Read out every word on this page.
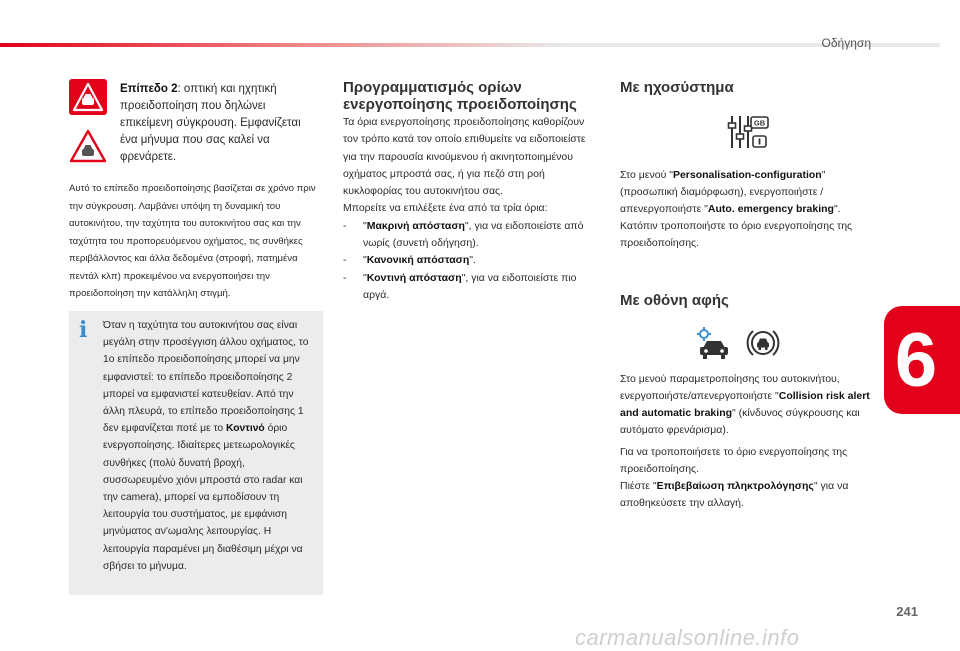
Οδήγηση
Επίπεδο 2: οπτική και ηχητική προειδοποίηση που δηλώνει επικείμενη σύγκρουση. Εμφανίζεται ένα μήνυμα που σας καλεί να φρενάρετε.
Αυτό το επίπεδο προειδοποίησης βασίζεται σε χρόνο πριν την σύγκρουση. Λαμβάνει υπόψη τη δυναμική του αυτοκινήτου, την ταχύτητα του αυτοκινήτου σας και την ταχύτητα του προπορευόμενου οχήματος, τις συνθήκες περιβάλλοντος και άλλα δεδομένα (στροφή, πατημένα πεντάλ κλπ) προκειμένου να ενεργοποιήσει την προειδοποίηση την κατάλληλη στιγμή.
i Όταν η ταχύτητα του αυτοκινήτου σας είναι μεγάλη στην προσέγγιση άλλου οχήματος, το 1ο επίπεδο προειδοποίησης μπορεί να μην εμφανιστεί: το επίπεδο προειδοποίησης 2 μπορεί να εμφανιστεί κατευθείαν. Από την άλλη πλευρά, το επίπεδο προειδοποίησης 1 δεν εμφανίζεται ποτέ με το Κοντινό όριο ενεργοποίησης. Ιδιαίτερες μετεωρολογικές συνθήκες (πολύ δυνατή βροχή, συσσωρευμένο χιόνι μπροστά στο radar και την camera), μπορεί να εμποδίσουν τη λειτουργία του συστήματος, με εμφάνιση μηνύματος αν'ωμαλης λειτουργίας. Η λειτουργία παραμένει μη διαθέσιμη μέχρι να σβήσει το μήνυμα.
Προγραμματισμός ορίων
ενεργοποίησης προειδοποίησης
Τα όρια ενεργοποίησης προειδοποίησης καθορίζουν τον τρόπο κατά τον οποίο επιθυμείτε να ειδοποιείστε για την παρουσία κινούμενου ή ακινητοποιημένου οχήματος μπροστά σας, ή για πεζό στη ροή κυκλοφορίας του αυτοκινήτου σας.
Μπορείτε να επιλέξετε ένα από τα τρία όρια:
- "Μακρινή απόσταση", για να ειδοποιείστε από νωρίς (συνετή οδήγηση).
- "Κανονική απόσταση".
- "Κοντινή απόσταση", για να ειδοποιείστε πιο αργά.
Με ηχοσύστημα
GB
Στο μενού "Personalisation-configuration" (προσωπική διαμόρφωση), ενεργοποιήστε / απενεργοποιήστε "Auto. emergency braking". Κατόπιν τροποποιήστε το όριο ενεργοποίησης της προειδοποίησης.
Με οθόνη αφής
Στο μενού παραμετροποίησης του αυτοκινήτου, ενεργοποιήστε/απενεργοποιήστε "Collision risk alert and automatic braking" (κίνδυνος σύγκρουσης και αυτόματο φρενάρισμα).
Για να τροποποιήσετε το όριο ενεργοποίησης της προειδοποίησης.
Πιέστε "Επιβεβαίωση πληκτρολόγησης" για να αποθηκεύσετε την αλλαγή.
6
241
carmanualsonline.info
